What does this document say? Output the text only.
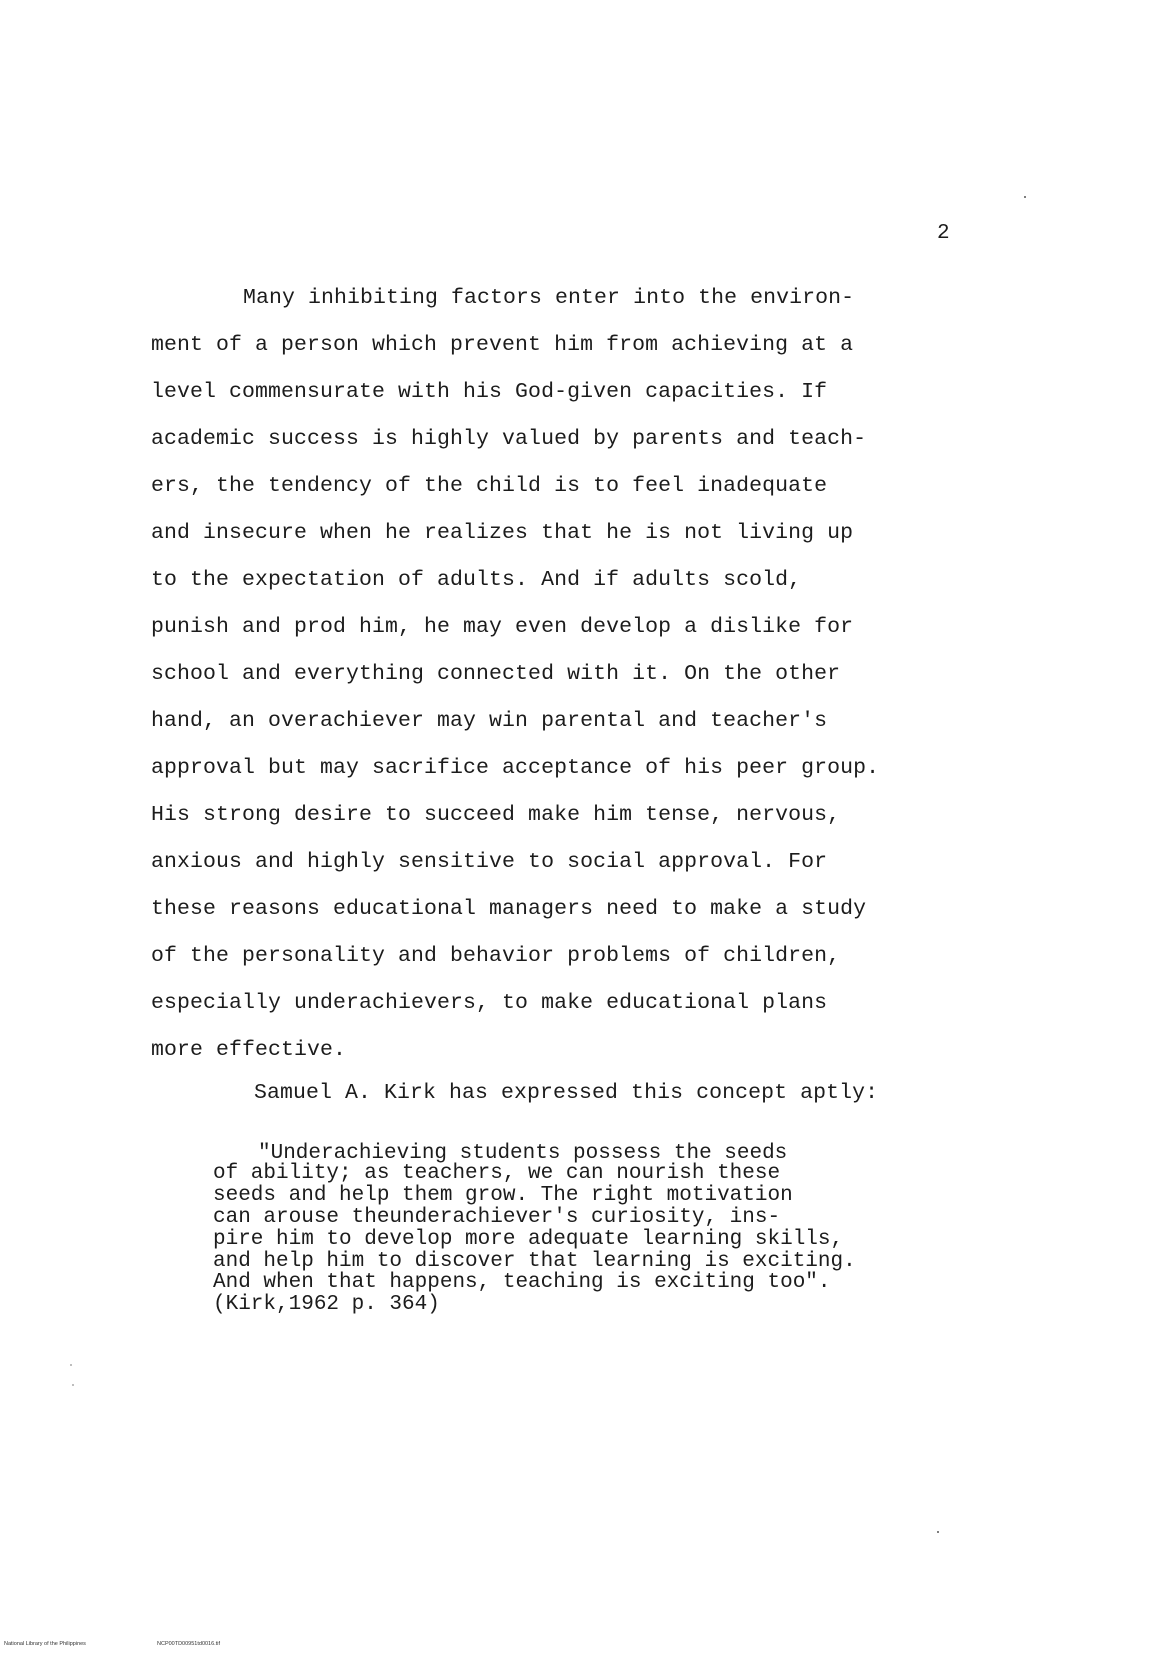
2
Many inhibiting factors enter into the environ-
ment of a person which prevent him from achieving at a
level commensurate with his God-given capacities. If
academic success is highly valued by parents and teach-
ers, the tendency of the child is to feel inadequate
and insecure when he realizes that he is not living up
to the expectation of adults. And if adults scold,
punish and prod him, he may even develop a dislike for
school and everything connected with it. On the other
hand, an overachiever may win parental and teacher's
approval but may sacrifice acceptance of his peer group.
His strong desire to succeed make him tense, nervous,
anxious and highly sensitive to social approval. For
these reasons educational managers need to make a study
of the personality and behavior problems of children,
especially underachievers, to make educational plans
more effective.
Samuel A. Kirk has expressed this concept aptly:
"Underachieving students possess the seeds
of ability; as teachers, we can nourish these
seeds and help them grow. The right motivation
can arouse theunderachiever's curiosity, ins-
pire him to develop more adequate learning skills,
and help him to discover that learning is exciting.
And when that happens, teaching is exciting too".
(Kirk,1962 p. 364)
National Library of the Philippines	NCP00TD00951td0016.tif
